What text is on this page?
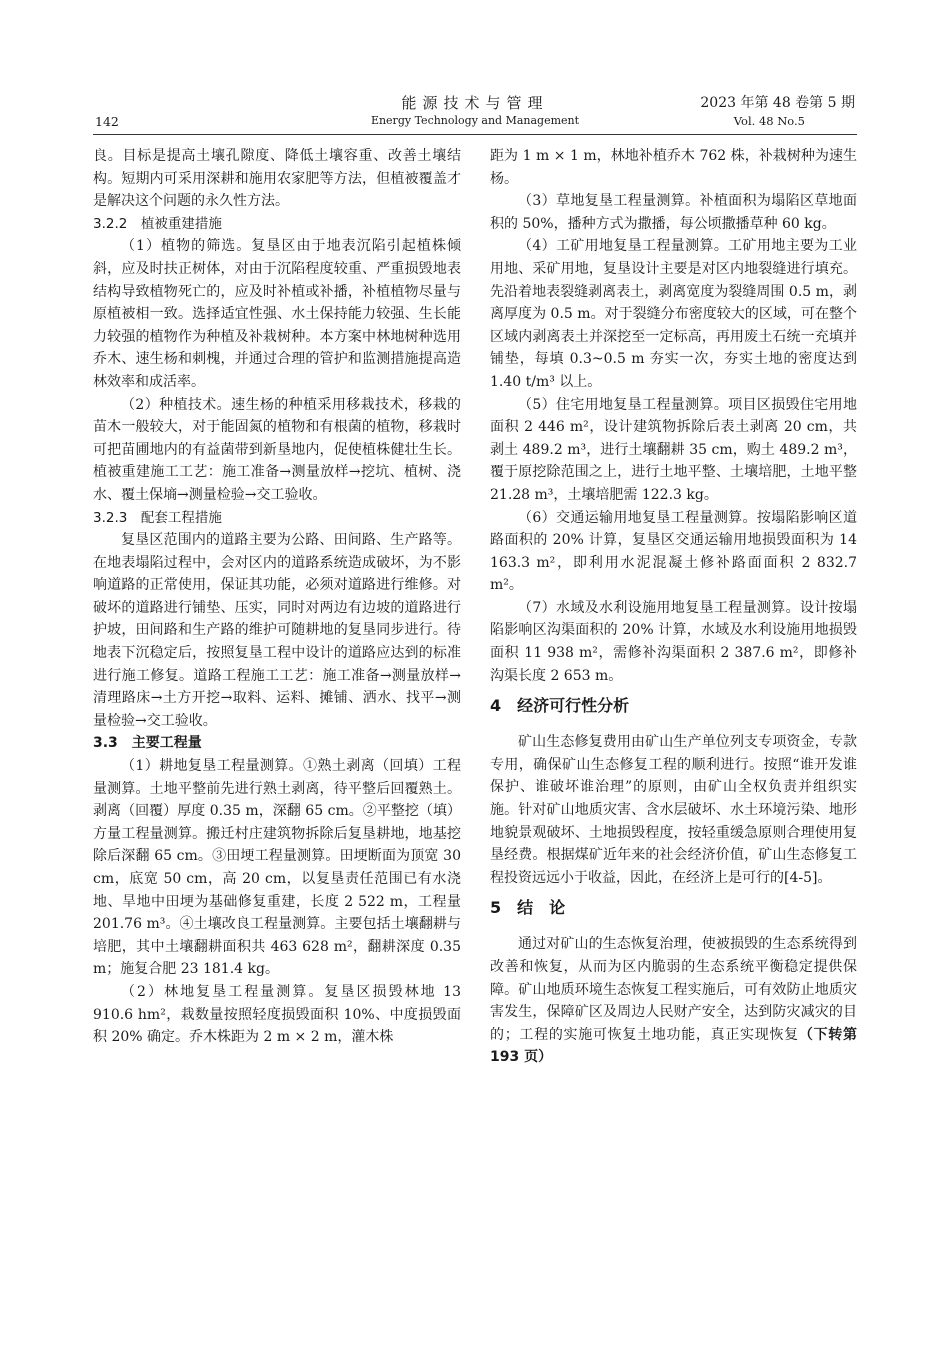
142
能源技术与管理
Energy Technology and Management
2023 年第 48 卷第 5 期
Vol. 48 No.5

良。目标是提高土壤孔隙度、降低土壤容重、改善土壤结构。短期内可采用深耕和施用农家肥等方法，但植被覆盖才是解决这个问题的永久性方法。

3.2.2　植被重建措施

（1）植物的筛选。复垦区由于地表沉陷引起植株倾斜，应及时扶正树体，对由于沉陷程度较重、严重损毁地表结构导致植物死亡的，应及时补植或补播，补植植物尽量与原植被相一致。选择适宜性强、水土保持能力较强、生长能力较强的植物作为种植及补栽树种。本方案中林地树种选用乔木、速生杨和刺槐，并通过合理的管护和监测措施提高造林效率和成活率。

（2）种植技术。速生杨的种植采用移栽技术，移栽的苗木一般较大，对于能固氮的植物和有根菌的植物，移栽时可把苗圃地内的有益菌带到新垦地内，促使植株健壮生长。植被重建施工工艺：施工准备→测量放样→挖坑、植树、浇水、覆土保墒→测量检验→交工验收。

3.2.3　配套工程措施

复垦区范围内的道路主要为公路、田间路、生产路等。在地表塌陷过程中，会对区内的道路系统造成破坏，为不影响道路的正常使用，保证其功能，必须对道路进行维修。对破坏的道路进行铺垫、压实，同时对两边有边坡的道路进行护坡，田间路和生产路的维护可随耕地的复垦同步进行。待地表下沉稳定后，按照复垦工程中设计的道路应达到的标准进行施工修复。道路工程施工工艺：施工准备→测量放样→清理路床→土方开挖→取料、运料、摊铺、洒水、找平→测量检验→交工验收。

3.3　主要工程量

（1）耕地复垦工程量测算。①熟土剥离（回填）工程量测算。土地平整前先进行熟土剥离，待平整后回覆熟土。剥离（回覆）厚度 0.35 m，深翻 65 cm。②平整挖（填）方量工程量测算。搬迁村庄建筑物拆除后复垦耕地，地基挖除后深翻 65 cm。③田埂工程量测算。田埂断面为顶宽 30 cm，底宽 50 cm，高 20 cm，以复垦责任范围已有水浇地、旱地中田埂为基础修复重建，长度 2 522 m，工程量 201.76 m³。④土壤改良工程量测算。主要包括土壤翻耕与培肥，其中土壤翻耕面积共 463 628 m²，翻耕深度 0.35 m；施复合肥 23 181.4 kg。

（2）林地复垦工程量测算。复垦区损毁林地 13 910.6 hm²，栽数量按照轻度损毁面积 10%、中度损毁面积 20% 确定。乔木株距为 2 m × 2 m，灌木株

距为 1 m × 1 m，林地补植乔木 762 株，补栽树种为速生杨。

（3）草地复垦工程量测算。补植面积为塌陷区草地面积的 50%，播种方式为撒播，每公顷撒播草种 60 kg。

（4）工矿用地复垦工程量测算。工矿用地主要为工业用地、采矿用地，复垦设计主要是对区内地裂缝进行填充。先沿着地表裂缝剥离表土，剥离宽度为裂缝周围 0.5 m，剥离厚度为 0.5 m。对于裂缝分布密度较大的区域，可在整个区域内剥离表土并深挖至一定标高，再用废土石统一充填并铺垫，每填 0.3~0.5 m 夯实一次，夯实土地的密度达到 1.40 t/m³ 以上。

（5）住宅用地复垦工程量测算。项目区损毁住宅用地面积 2 446 m²，设计建筑物拆除后表土剥离 20 cm，共剥土 489.2 m³，进行土壤翻耕 35 cm，购土 489.2 m³，覆于原挖除范围之上，进行土地平整、土壤培肥，土地平整 21.28 m³，土壤培肥需 122.3 kg。

（6）交通运输用地复垦工程量测算。按塌陷影响区道路面积的 20% 计算，复垦区交通运输用地损毁面积为 14 163.3 m²，即利用水泥混凝土修补路面面积 2 832.7 m²。

（7）水域及水利设施用地复垦工程量测算。设计按塌陷影响区沟渠面积的 20% 计算，水域及水利设施用地损毁面积 11 938 m²，需修补沟渠面积 2 387.6 m²，即修补沟渠长度 2 653 m。

4　经济可行性分析

矿山生态修复费用由矿山生产单位列支专项资金，专款专用，确保矿山生态修复工程的顺利进行。按照“谁开发谁保护、谁破坏谁治理”的原则，由矿山全权负责并组织实施。针对矿山地质灾害、含水层破坏、水土环境污染、地形地貌景观破坏、土地损毁程度，按轻重缓急原则合理使用复垦经费。根据煤矿近年来的社会经济价值，矿山生态修复工程投资远远小于收益，因此，在经济上是可行的[4-5]。

5　结　论

通过对矿山的生态恢复治理，使被损毁的生态系统得到改善和恢复，从而为区内脆弱的生态系统平衡稳定提供保障。矿山地质环境生态恢复工程实施后，可有效防止地质灾害发生，保障矿区及周边人民财产安全，达到防灾减灾的目的；工程的实施可恢复土地功能，真正实现恢复（下转第 193 页）
